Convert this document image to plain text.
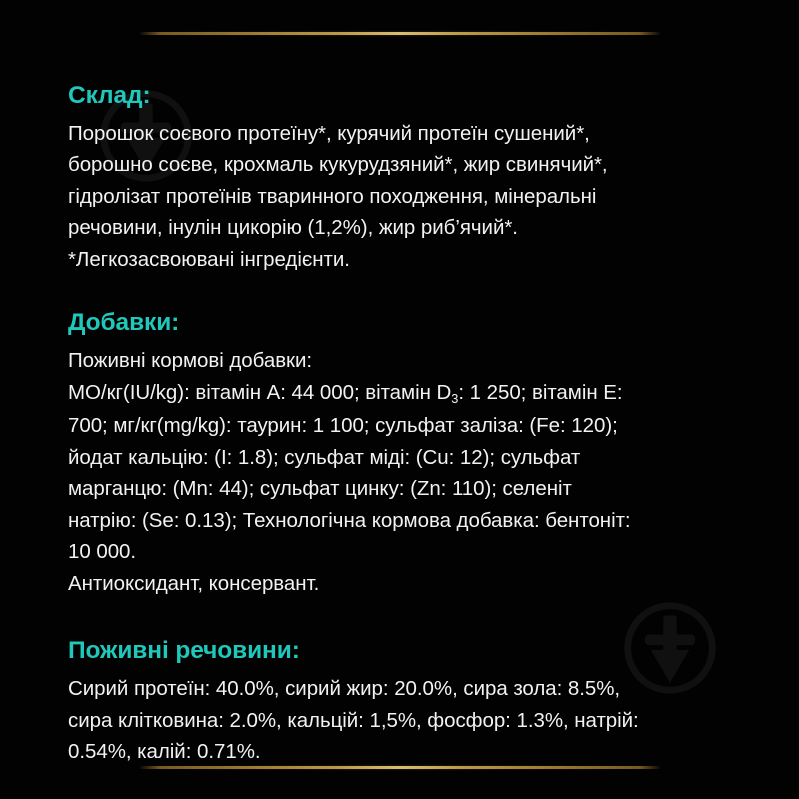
Склад:

Порошок соєвого протеїну*, курячий протеїн сушений*,
борошно соєве, крохмаль кукурудзяний*, жир свинячий*,
гідролізат протеїнів тваринного походження, мінеральні
речовини, інулін цикорію (1,2%), жир риб’ячий*.
*Легкозасвоювані інгредієнти.

Добавки:

Поживні кормові добавки:
МО/кг(IU/kg): вітамін A: 44 000; вітамін $D_3$: 1 250; вітамін E:
700; мг/кг(mg/kg): таурин: 1 100; сульфат заліза: (Fe: 120);
йодат кальцію: (I: 1.8); сульфат міді: (Cu: 12); сульфат
марганцю: (Mn: 44); сульфат цинку: (Zn: 110); селеніт
натрію: (Se: 0.13); Технологічна кормова добавка: бентоніт:
10 000.
Антиоксидант, консервант.

Поживні речовини:

Сирий протеїн: 40.0%, сирий жир: 20.0%, сира зола: 8.5%,
сира клітковина: 2.0%, кальцій: 1,5%, фосфор: 1.3%, натрій:
0.54%, калій: 0.71%.
